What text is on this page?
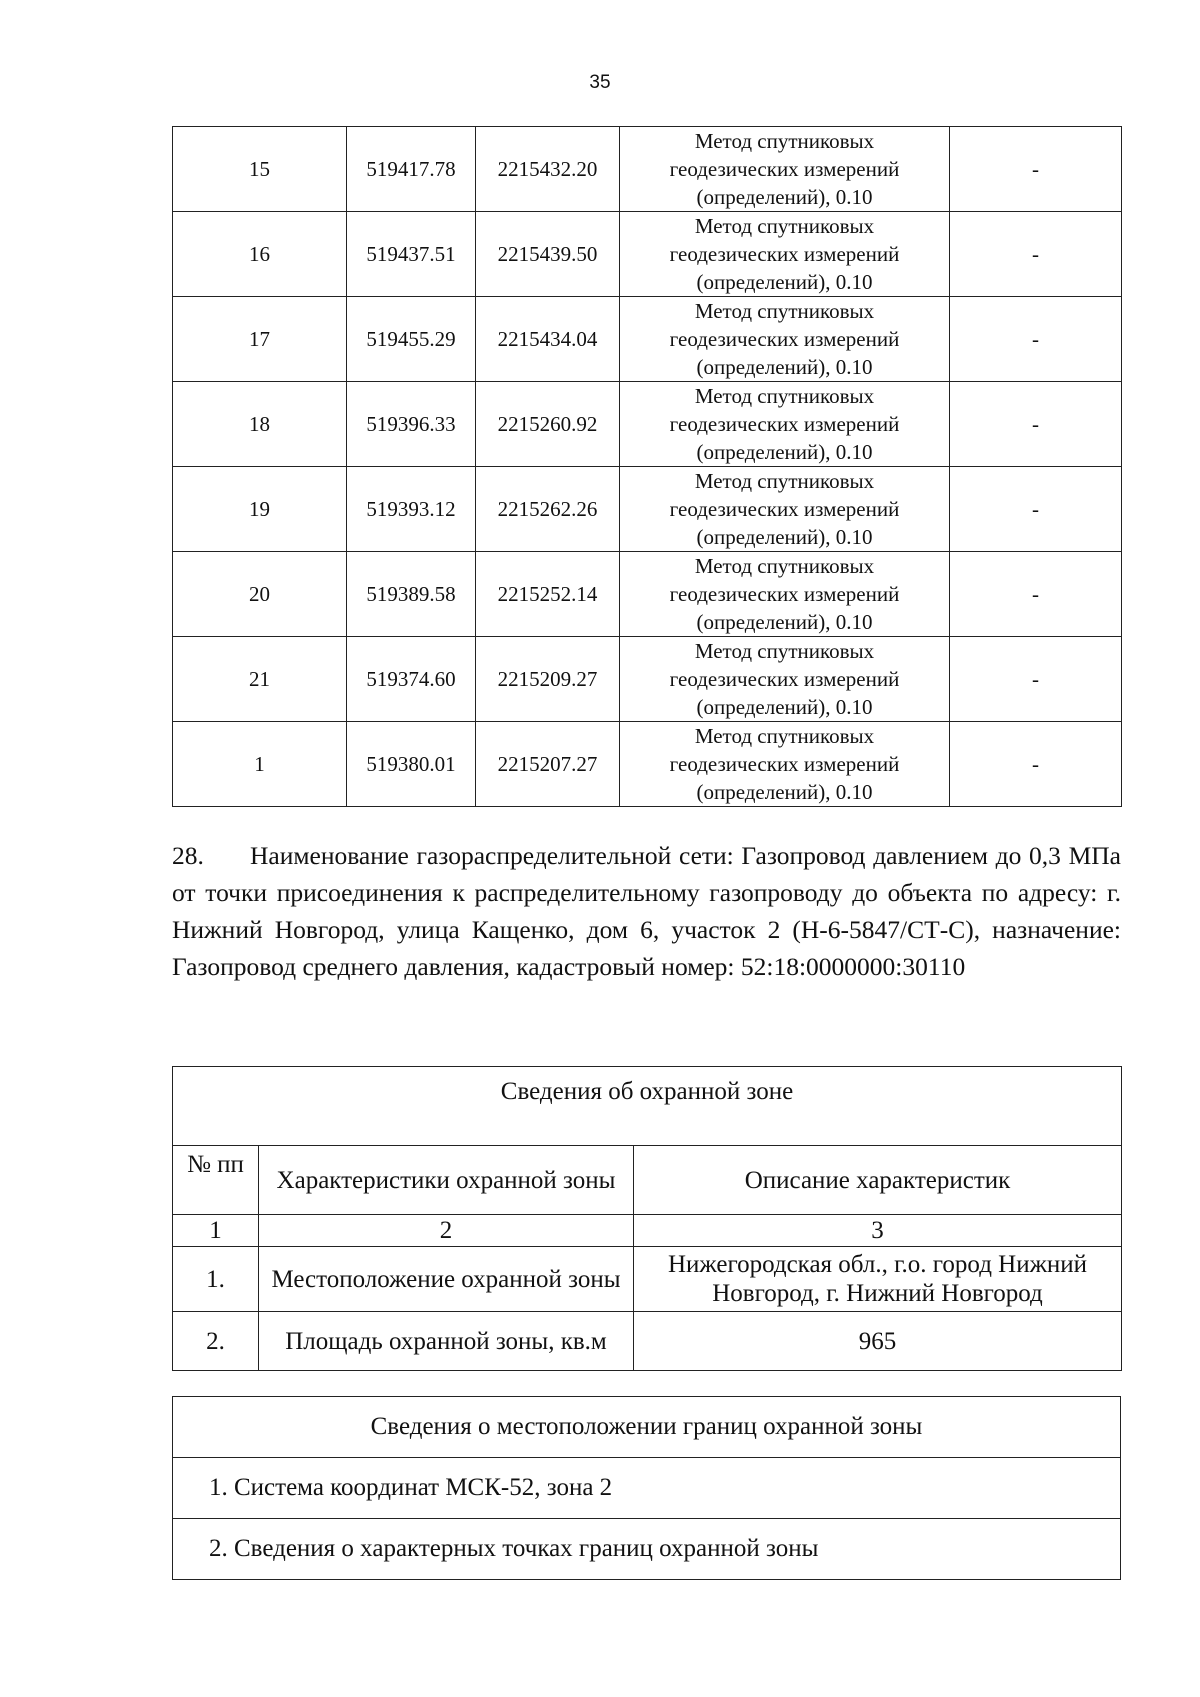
35
15	519417.78	2215432.20	Метод спутниковых
геодезических измерений
(определений), 0.10	-
16	519437.51	2215439.50	Метод спутниковых
геодезических измерений
(определений), 0.10	-
17	519455.29	2215434.04	Метод спутниковых
геодезических измерений
(определений), 0.10	-
18	519396.33	2215260.92	Метод спутниковых
геодезических измерений
(определений), 0.10	-
19	519393.12	2215262.26	Метод спутниковых
геодезических измерений
(определений), 0.10	-
20	519389.58	2215252.14	Метод спутниковых
геодезических измерений
(определений), 0.10	-
21	519374.60	2215209.27	Метод спутниковых
геодезических измерений
(определений), 0.10	-
1	519380.01	2215207.27	Метод спутниковых
геодезических измерений
(определений), 0.10	-
28. Наименование газораспределительной сети: Газопровод давлением до 0,3 МПа от точки присоединения к распределительному газопроводу до объекта по адресу: г. Нижний Новгород, улица Кащенко, дом 6, участок 2 (Н-6-5847/СТ-С), назначение: Газопровод среднего давления, кадастровый номер: 52:18:0000000:30110
Сведения об охранной зоне		
№ пп	Характеристики охранной зоны	Описание характеристик
1	2	3
1.	Местоположение охранной зоны	Нижегородская обл., г.о. город Нижний Новгород, г. Нижний Новгород
2.	Площадь охранной зоны, кв.м	965
Сведения о местоположении границ охранной зоны
1. Система координат МСК-52, зона 2
2. Сведения о характерных точках границ охранной зоны
